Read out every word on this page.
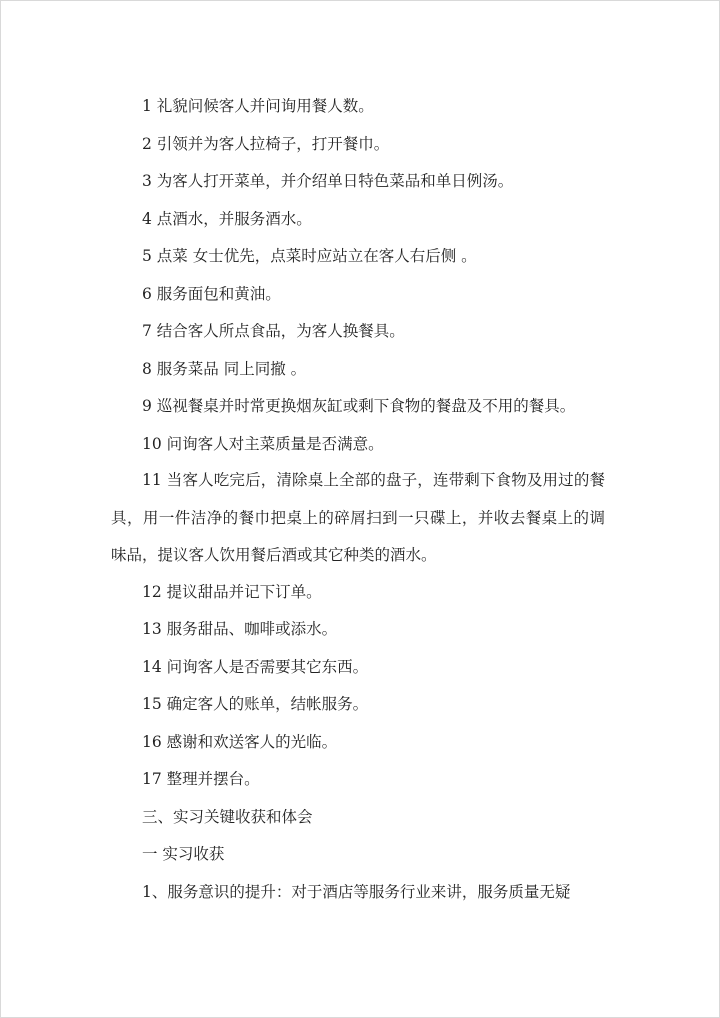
1 礼貌问候客人并问询用餐人数。
2 引领并为客人拉椅子，打开餐巾。
3 为客人打开菜单，并介绍单日特色菜品和单日例汤。
4 点酒水，并服务酒水。
5 点菜 女士优先，点菜时应站立在客人右后侧 。
6 服务面包和黄油。
7 结合客人所点食品，为客人换餐具。
8 服务菜品 同上同撤 。
9 巡视餐桌并时常更换烟灰缸或剩下食物的餐盘及不用的餐具。
10 问询客人对主菜质量是否满意。

11 当客人吃完后，清除桌上全部的盘子，连带剩下食物及用过的餐具，用一件洁净的餐巾把桌上的碎屑扫到一只碟上，并收去餐桌上的调味品，提议客人饮用餐后酒或其它种类的酒水。

12 提议甜品并记下订单。
13 服务甜品、咖啡或添水。
14 问询客人是否需要其它东西。
15 确定客人的账单，结帐服务。
16 感谢和欢送客人的光临。
17 整理并摆台。
三、实习关键收获和体会
一 实习收获
1、服务意识的提升：对于酒店等服务行业来讲，服务质量无疑
